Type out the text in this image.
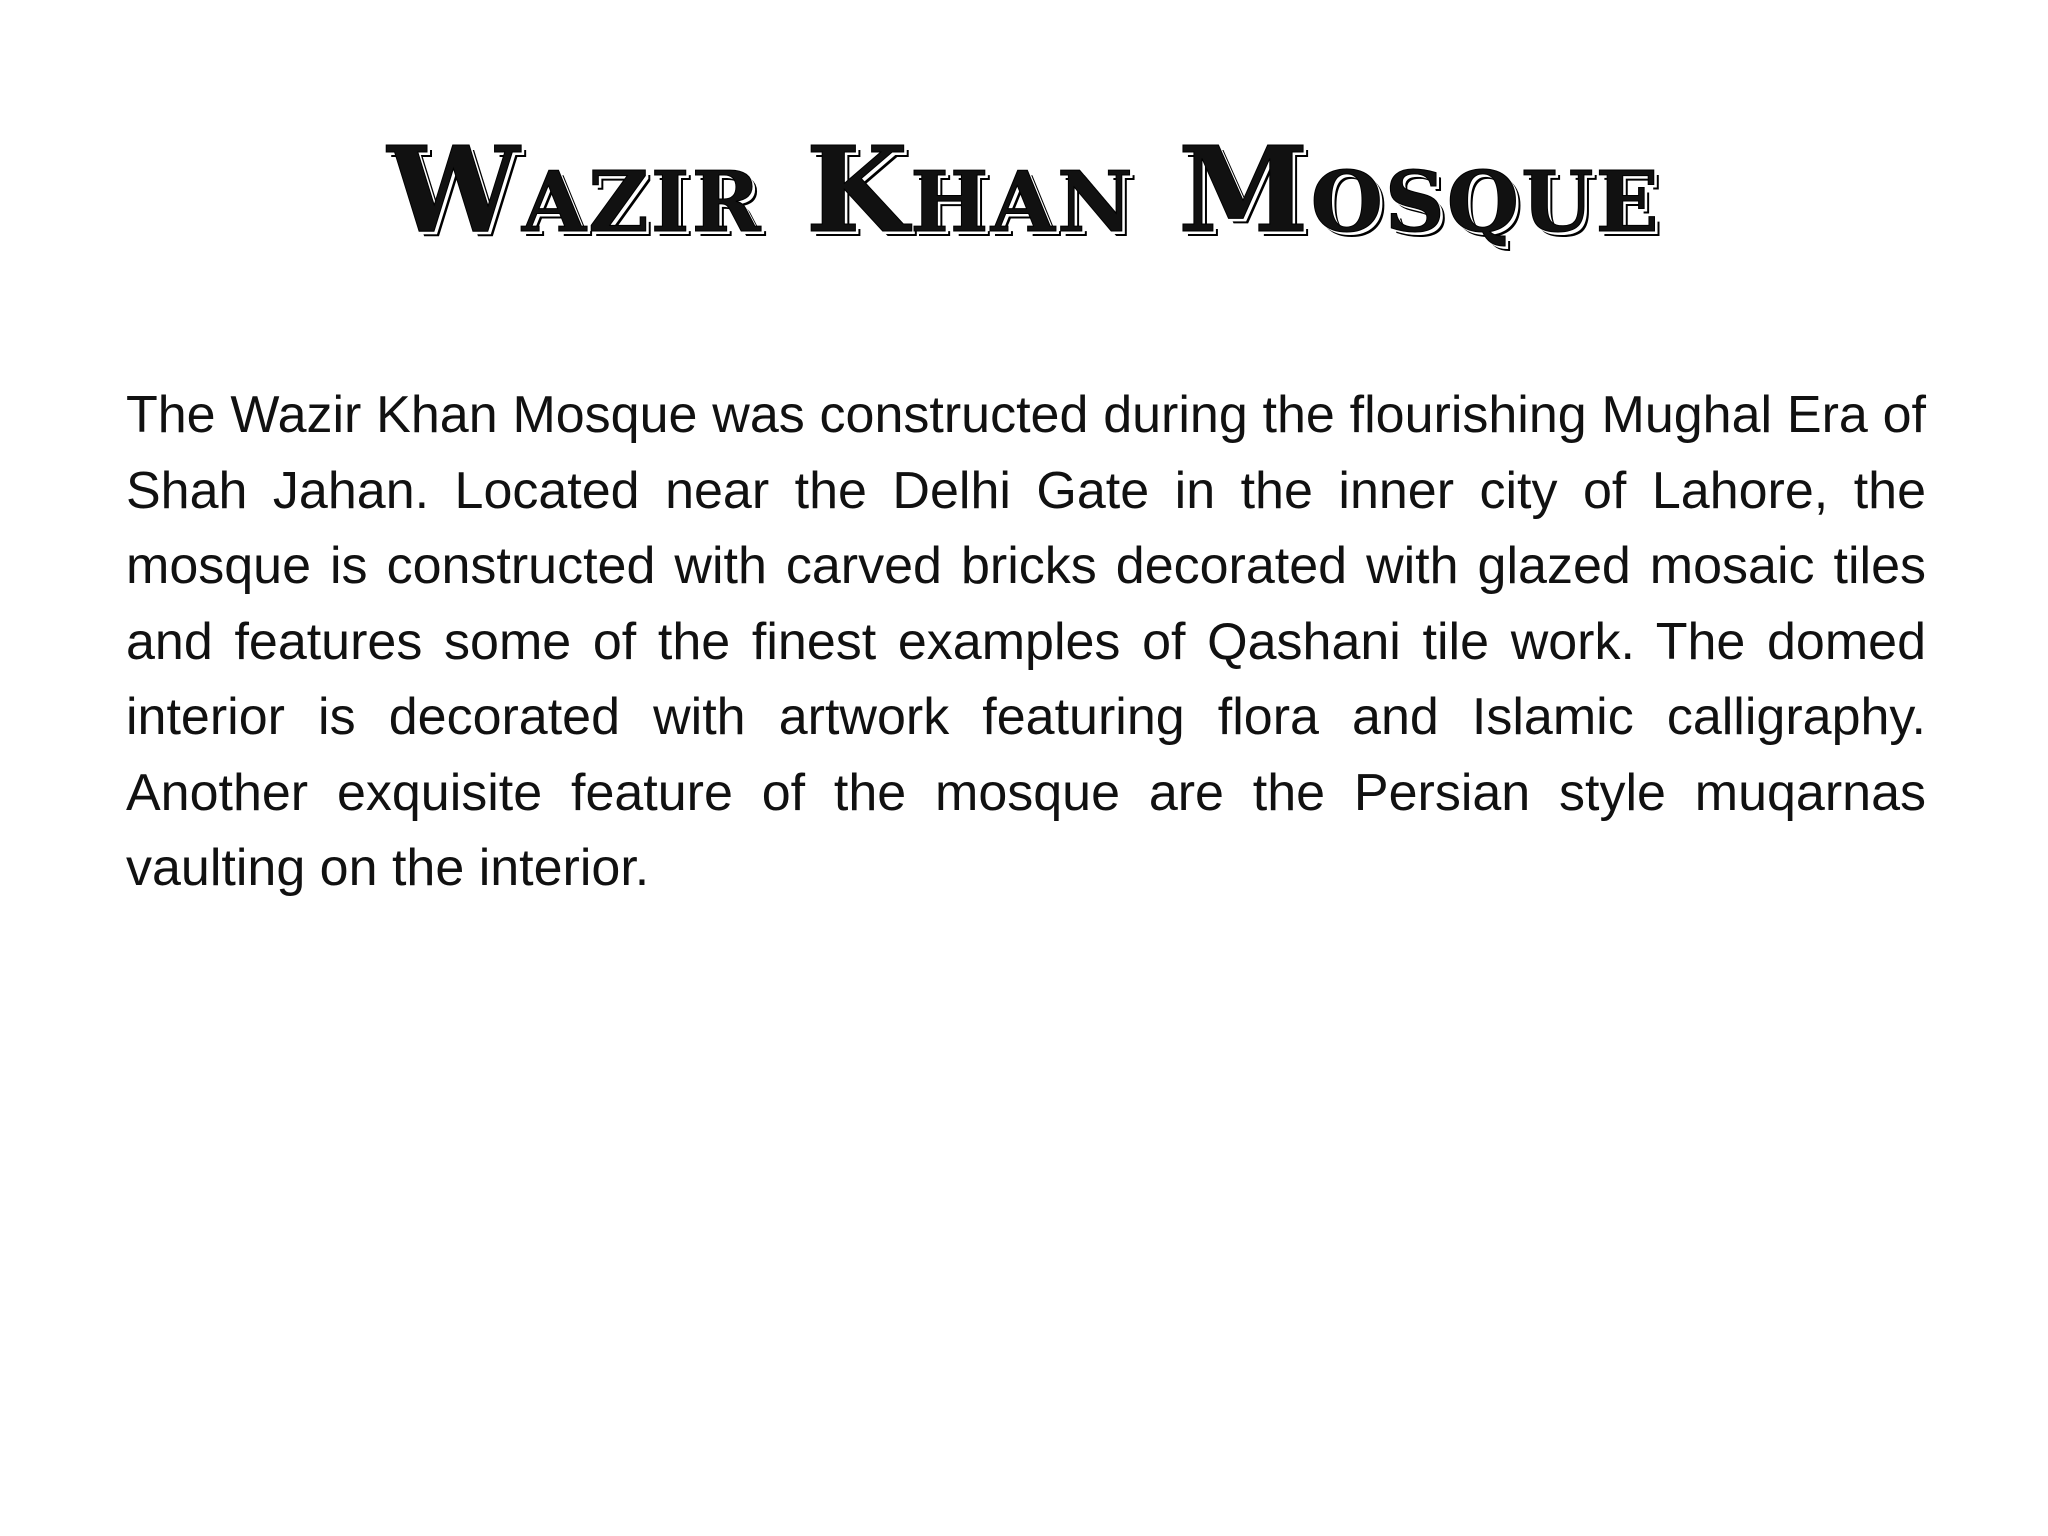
Wazir Khan Mosque

The Wazir Khan Mosque was constructed during the flourishing Mughal Era of Shah Jahan. Located near the Delhi Gate in the inner city of Lahore, the mosque is constructed with carved bricks decorated with glazed mosaic tiles and features some of the finest examples of Qashani tile work. The domed interior is decorated with artwork featuring flora and Islamic calligraphy. Another exquisite feature of the mosque are the Persian style muqarnas vaulting on the interior.
